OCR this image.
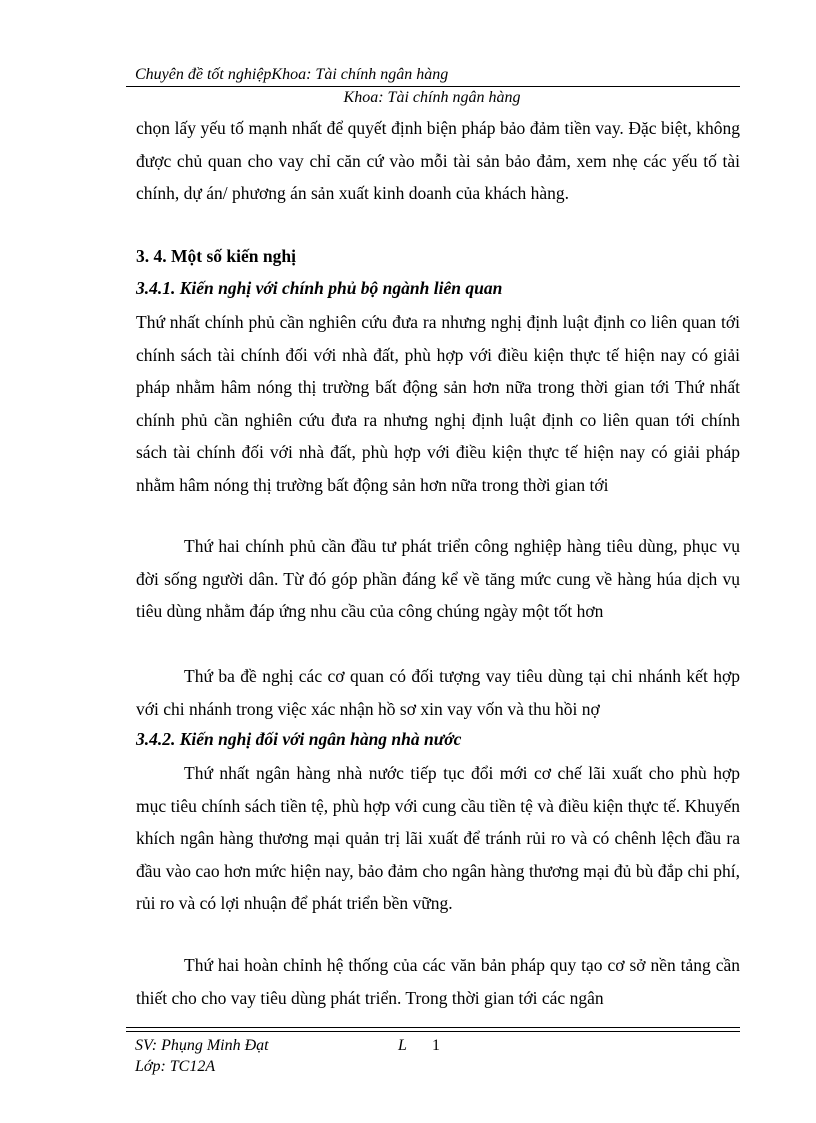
Chuyên đề tốt nghiệpKhoa: Tài chính ngân hàng
Khoa: Tài chính ngân hàng

chọn lấy yếu tố mạnh nhất để quyết định biện pháp bảo đảm tiền vay. Đặc biệt, không được chủ quan cho vay chỉ căn cứ vào mỗi tài sản bảo đảm, xem nhẹ các yếu tố tài chính, dự án/ phương án sản xuất kinh doanh của khách hàng.

3. 4. Một số kiến nghị
3.4.1. Kiến nghị với chính phủ bộ ngành liên quan

Thứ nhất chính phủ cần nghiên cứu đưa ra nhưng nghị định luật định co liên quan tới chính sách tài chính đối với nhà đất, phù hợp với điều kiện thực tế hiện nay có giải pháp nhằm hâm nóng thị trường bất động sản hơn nữa trong thời gian tới Thứ nhất chính phủ cần nghiên cứu đưa ra nhưng nghị định luật định co liên quan tới chính sách tài chính đối với nhà đất, phù hợp với điều kiện thực tế hiện nay có giải pháp nhằm hâm nóng thị trường bất động sản hơn nữa trong thời gian tới

Thứ hai chính phủ cần đầu tư phát triển công nghiệp hàng tiêu dùng, phục vụ đời sống người dân. Từ đó góp phần đáng kể về tăng mức cung về hàng húa dịch vụ tiêu dùng nhằm đáp ứng nhu cầu của công chúng ngày một tốt hơn

Thứ ba đề nghị các cơ quan có đối tượng vay tiêu dùng tại chi nhánh kết hợp với chi nhánh trong việc xác nhận hồ sơ xin vay vốn và thu hồi nợ

3.4.2. Kiến nghị đối với ngân hàng nhà nước

Thứ nhất ngân hàng nhà nước tiếp tục đổi mới cơ chế lãi xuất cho phù hợp mục tiêu chính sách tiền tệ, phù hợp với cung cầu tiền tệ và điều kiện thực tế. Khuyến khích ngân hàng thương mại quản trị lãi xuất để tránh rủi ro và có chênh lệch đầu ra đầu vào cao hơn mức hiện nay, bảo đảm cho ngân hàng thương mại đủ bù đắp chi phí, rủi ro và có lợi nhuận để phát triển bền vững.

Thứ hai hoàn chỉnh hệ thống của các văn bản pháp quy tạo cơ sở nền tảng cần thiết cho cho vay tiêu dùng phát triển. Trong thời gian tới các ngân

SV: Phụng Minh Đạt	L 1
Lớp: TC12A
